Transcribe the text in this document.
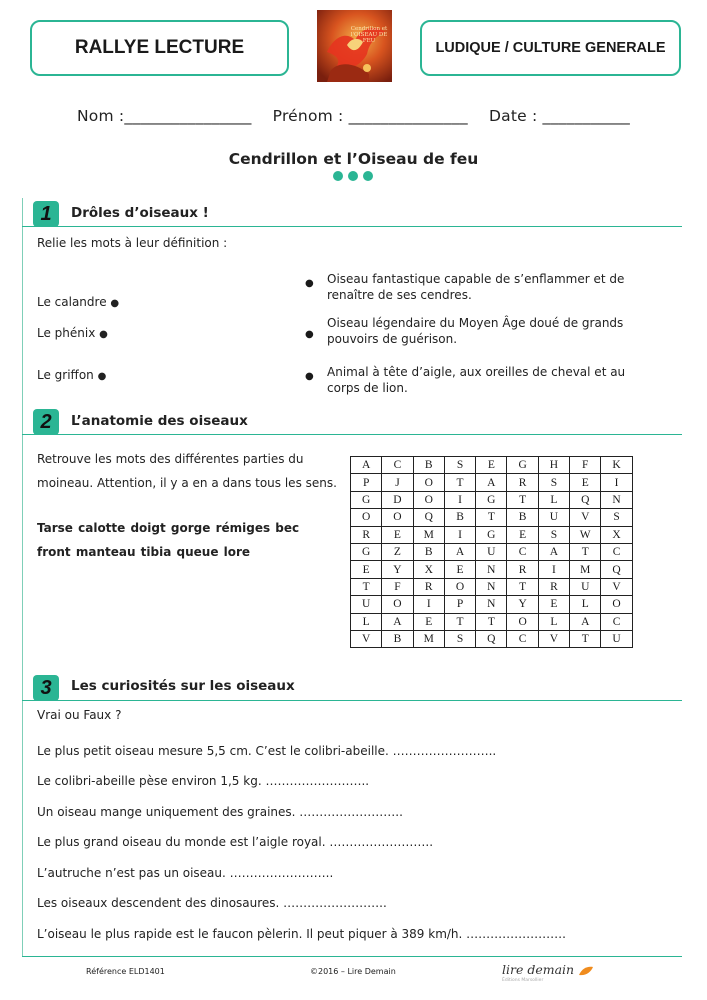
RALLYE LECTURE
Cendrillon et l'OISEAU DE FEU	LUDIQUE / CULTURE GENERALE
Nom :________________ Prénom : _______________ Date : ___________
Cendrillon et l’Oiseau de feu
1	Drôles d’oiseaux !
Relie les mots à leur définition :
Le calandre ●
Le phénix ●
Le griffon ●
● Oiseau fantastique capable de s’enflammer et de
renaître de ses cendres.
●
Oiseau légendaire du Moyen Âge doué de grands
pouvoirs de guérison.
● Animal à tête d’aigle, aux oreilles de cheval et au
corps de lion.
2	L’anatomie des oiseaux
Retrouve les mots des différentes parties du
moineau. Attention, il y a en a dans tous les sens.
Tarse calotte doigt gorge rémiges bec
front manteau tibia queue lore
A	C	B	S	E	G	H	F	K
P	J	O	T	A	R	S	E	I
G	D	O	I	G	T	L	Q	N
O	O	Q	B	T	B	U	V	S
R	E	M	I	G	E	S	W	X
G	Z	B	A	U	C	A	T	C
E	Y	X	E	N	R	I	M	Q
T	F	R	O	N	T	R	U	V
U	O	I	P	N	Y	E	L	O
L	A	E	T	T	O	L	A	C
V	B	M	S	Q	C	V	T	U
3	Les curiosités sur les oiseaux
Vrai ou Faux ?
Le plus petit oiseau mesure 5,5 cm. C’est le colibri-abeille. ……………………..
Le colibri-abeille pèse environ 1,5 kg. ……………………..
Un oiseau mange uniquement des graines. ……………………..
Le plus grand oiseau du monde est l’aigle royal. ……………………..
L’autruche n’est pas un oiseau. ……………………..
Les oiseaux descendent des dinosaures. ……………………..
L’oiseau le plus rapide est le faucon pèlerin. Il peut piquer à 389 km/h. …………………….
Référence ELD1401	©2016 – Lire Demain	lire demain
Éditions Marsollier
